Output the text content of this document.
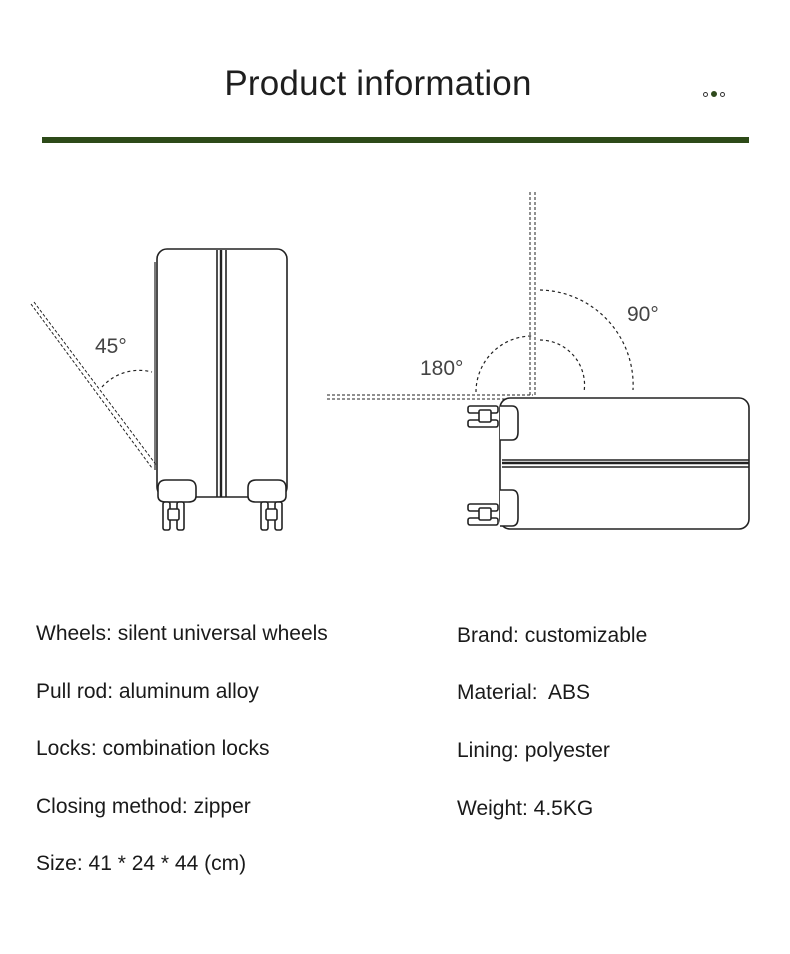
Product information
45°
90°
180°

Wheels: silent universal wheels

Pull rod: aluminum alloy

Locks: combination locks

Closing method: zipper

Size: 41 * 24 * 44 (cm)

Brand: customizable

Material:  ABS

Lining: polyester

Weight: 4.5KG
